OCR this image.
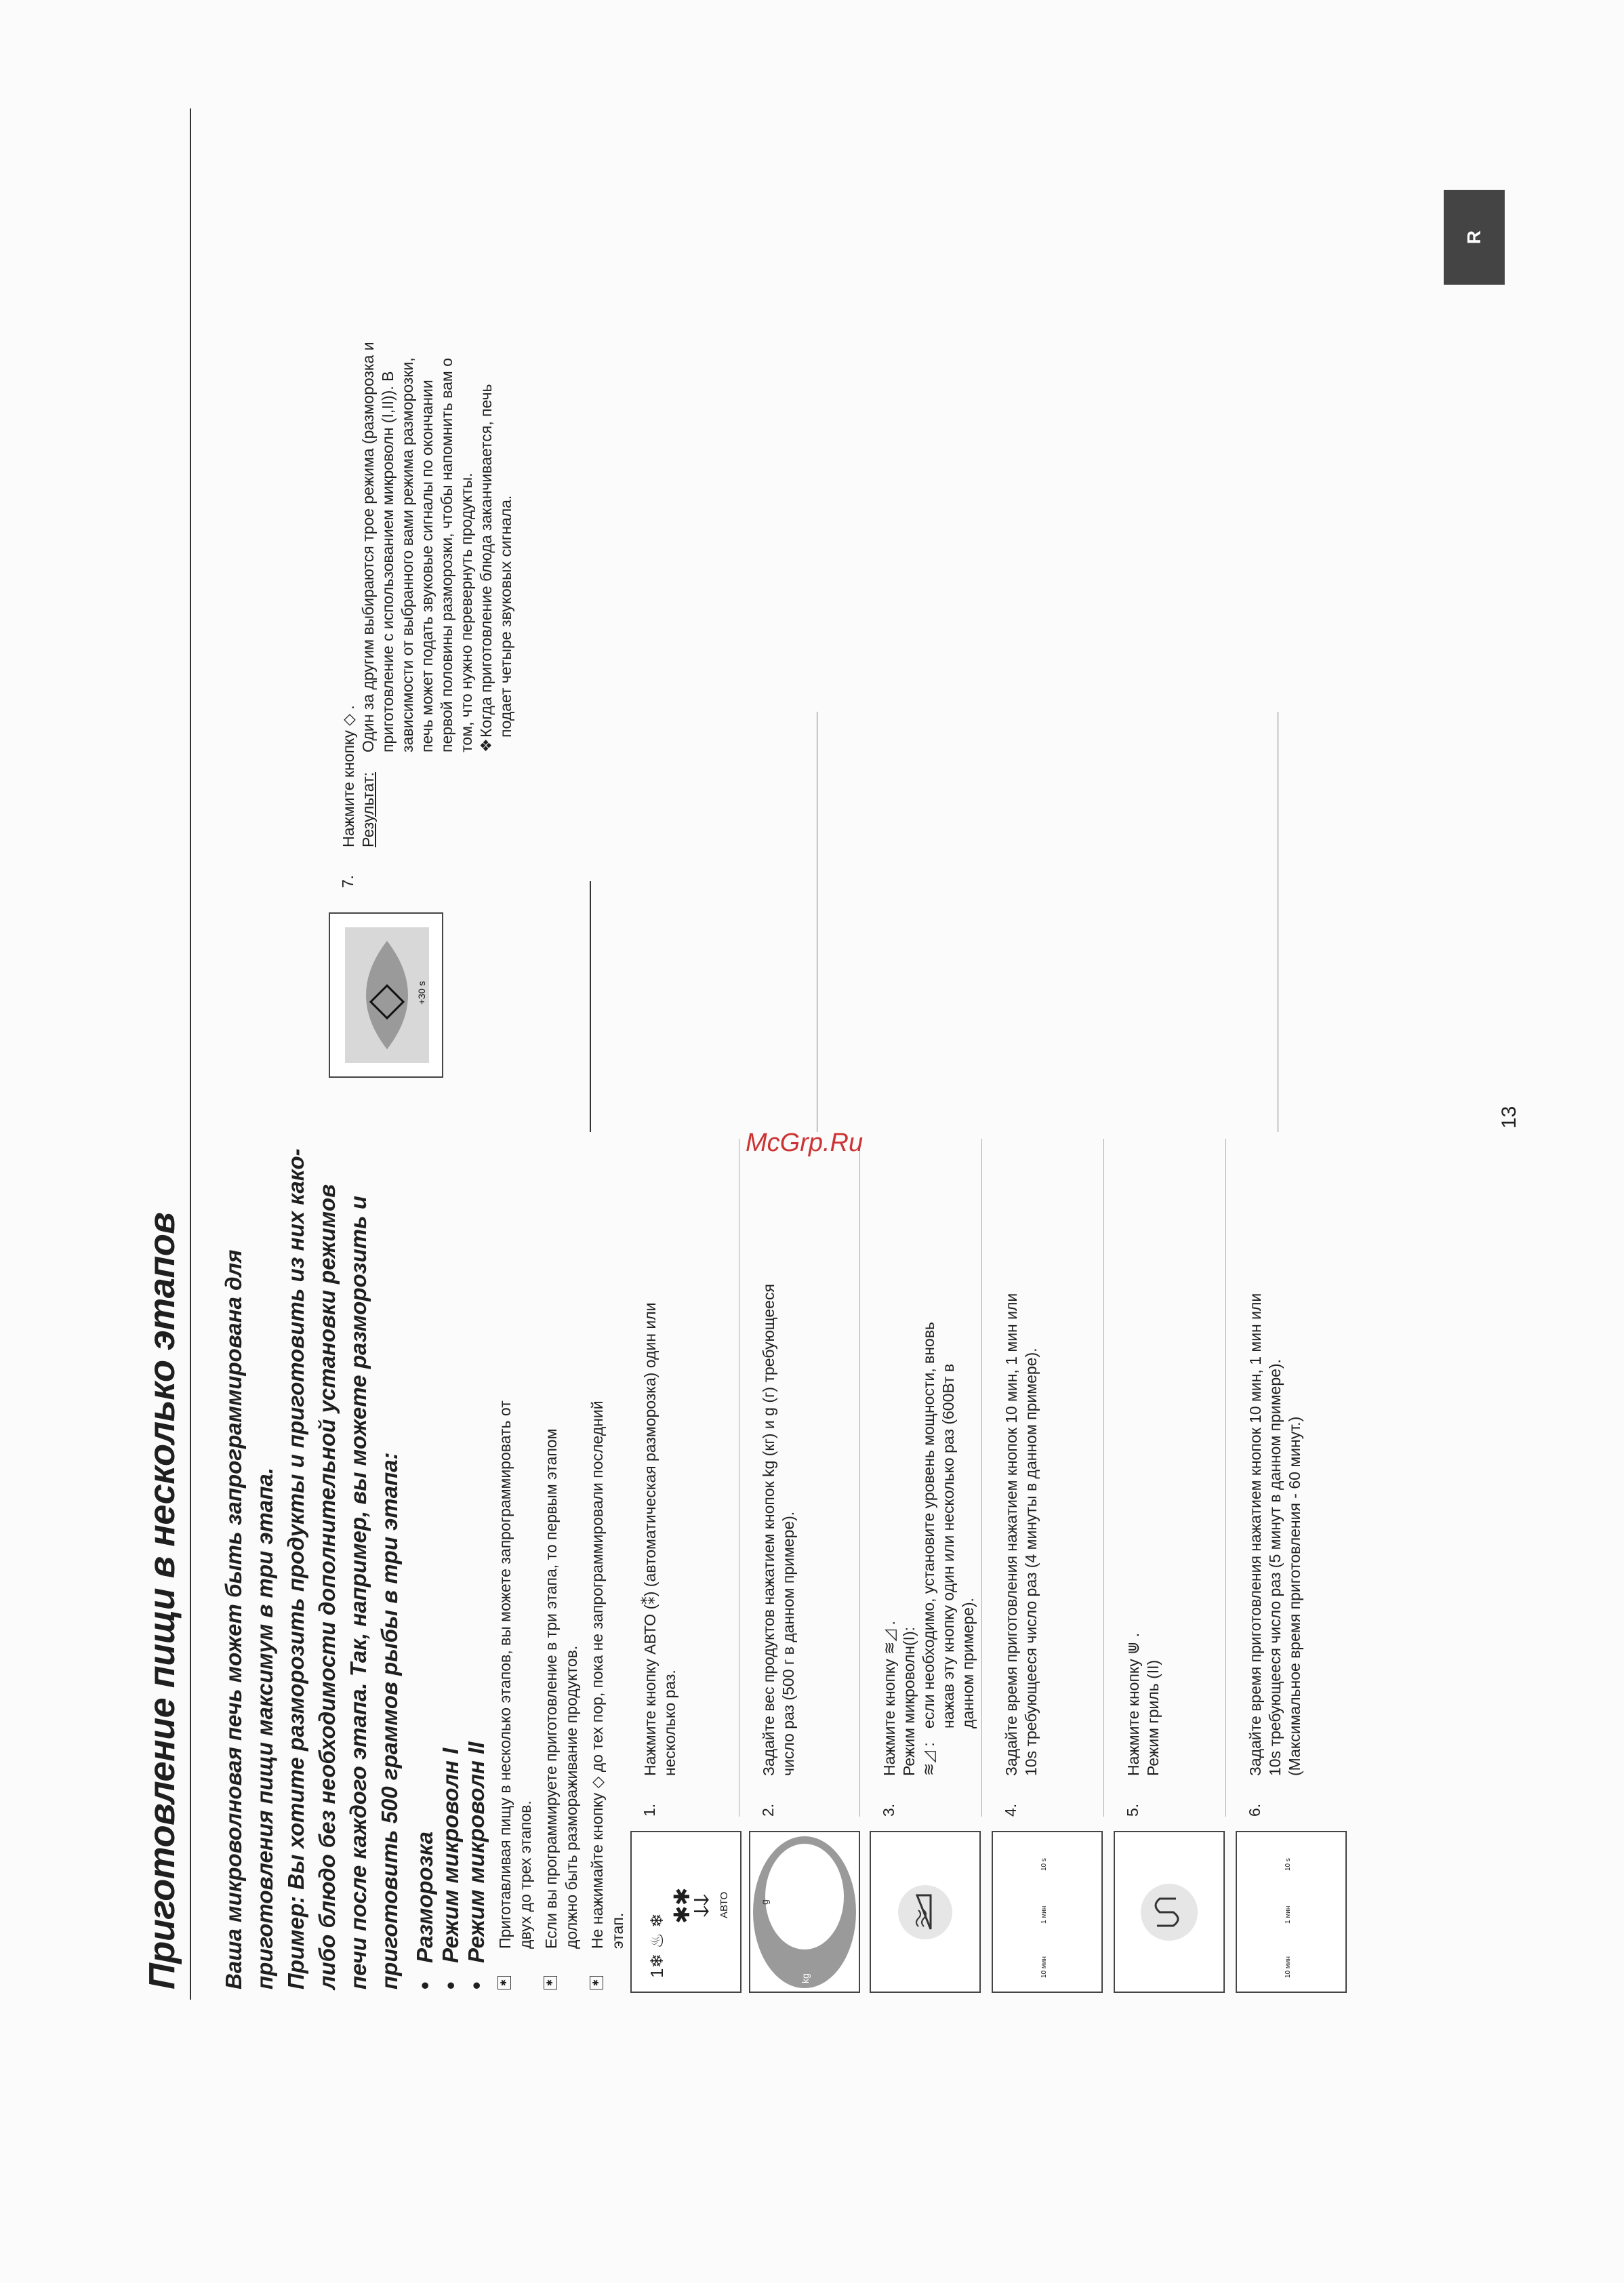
Приготовление пищи в несколько этапов Ваша микроволновая печь может быть запрограммирована для приготовления пищи максимум в три этапа. Пример: Вы хотите разморозить продукты и приготовить из них како- либо блюдо без необходимости дополнительной установки режимов печи после каждого этапа. Так, например, вы можете разморозить и приготовить 500 граммов рыбы в три этапа: •   Разморозка
•   Режим микроволн I
•   Режим микроволн II
✱
Приготавливая пищу в несколько этапов, вы можете запрограммировать от двух до трех этапов.
✱
Если вы программируете приготовление в три этапа, то первым этапом должно быть размораживание продуктов.
✱
Не нажимайте кнопку ◇ до тех пор, пока не запрограммировали последний этап. 1❄ ♨ ❄
✱✱
ↆↆ АВТО
1.
Нажмите кнопку АВТО (⁑) (автоматическая разморозка) один или несколько раз.
kg
g
2.
Задайте вес продуктов нажатием кнопок kg (кг) и g (г) требующееся число раз (500 г в данном примере).
3.
Нажмите кнопку ≋◿ . Режим микроволн(I): ≋◿ :
если необходимо, установите уровень мощности, вновь нажав эту кнопку один или несколько раз (600Вт в данном примере).
10 мин
1 мин
10 s
4.
Задайте время приготовления нажатием кнопок 10 мин, 1 мин или 10s требующееся число раз (4 минуты в данном примере).
5.
Нажмите кнопку ⋓ . Режим гриль (II)
10 мин
1 мин
10 s
6.
Задайте время приготовления нажатием кнопок 10 мин, 1 мин или 10s требующееся число раз (5 минут в данном примере). (Максимальное время приготовления - 60 минут.)
+30 s
7.
Нажмите кнопку ◇ . Результат:
Один за другим выбираются трое режима (разморозка и приготовление с использованием микроволн (I,II)). В зависимости от выбранного вами режима разморозки, печь может подать звуковые сигналы по окончании первой половины разморозки, чтобы напомнить вам о том, что нужно перевернуть продукты. ❖
Когда приготовление блюда заканчивается, печь подает четыре звуковых сигнала.
R
13
McGrp.Ru
